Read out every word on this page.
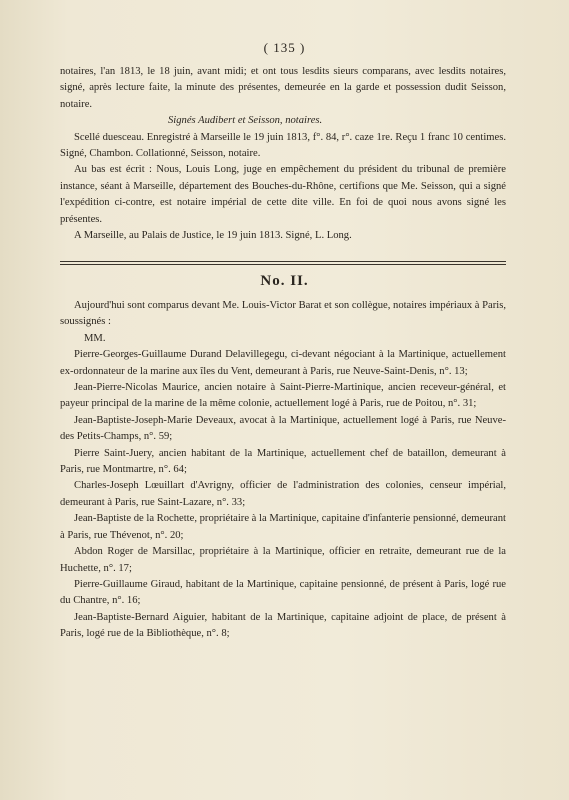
( 135 )

notaires, l'an 1813, le 18 juin, avant midi; et ont tous lesdits sieurs comparans, avec lesdits notaires, signé, après lecture faite, la minute des présentes, demeurée en la garde et possession dudit Seisson, notaire.

Signés Audibert et Seisson, notaires.

Scellé duesceau. Enregistré à Marseille le 19 juin 1813, f°. 84, r°. caze 1re. Reçu 1 franc 10 centimes. Signé, Chambon. Collationné, Seisson, notaire.

Au bas est écrit : Nous, Louis Long, juge en empêchement du président du tribunal de première instance, séant à Marseille, département des Bouches-du-Rhône, certifions que Me. Seisson, qui a signé l'expédition ci-contre, est notaire impérial de cette dite ville. En foi de quoi nous avons signé les présentes.

A Marseille, au Palais de Justice, le 19 juin 1813. Signé, L. Long.

No. II.

Aujourd'hui sont comparus devant Me. Louis-Victor Barat et son collègue, notaires impériaux à Paris, soussignés :

MM.

Pierre-Georges-Guillaume Durand Delavillegegu, ci-devant négociant à la Martinique, actuellement ex-ordonnateur de la marine aux îles du Vent, demeurant à Paris, rue Neuve-Saint-Denis, n°. 13;

Jean-Pierre-Nicolas Maurice, ancien notaire à Saint-Pierre-Martinique, ancien receveur-général, et payeur principal de la marine de la même colonie, actuellement logé à Paris, rue de Poitou, n°. 31;

Jean-Baptiste-Joseph-Marie Deveaux, avocat à la Martinique, actuellement logé à Paris, rue Neuve-des Petits-Champs, n°. 59;

Pierre Saint-Juery, ancien habitant de la Martinique, actuellement chef de bataillon, demeurant à Paris, rue Montmartre, n°. 64;

Charles-Joseph Lœuillart d'Avrigny, officier de l'administration des colonies, censeur impérial, demeurant à Paris, rue Saint-Lazare, n°. 33;

Jean-Baptiste de la Rochette, propriétaire à la Martinique, capitaine d'infanterie pensionné, demeurant à Paris, rue Thévenot, n°. 20;

Abdon Roger de Marsillac, propriétaire à la Martinique, officier en retraite, demeurant rue de la Huchette, n°. 17;

Pierre-Guillaume Giraud, habitant de la Martinique, capitaine pensionné, de présent à Paris, logé rue du Chantre, n°. 16;

Jean-Baptiste-Bernard Aiguier, habitant de la Martinique, capitaine adjoint de place, de présent à Paris, logé rue de la Bibliothèque, n°. 8;
